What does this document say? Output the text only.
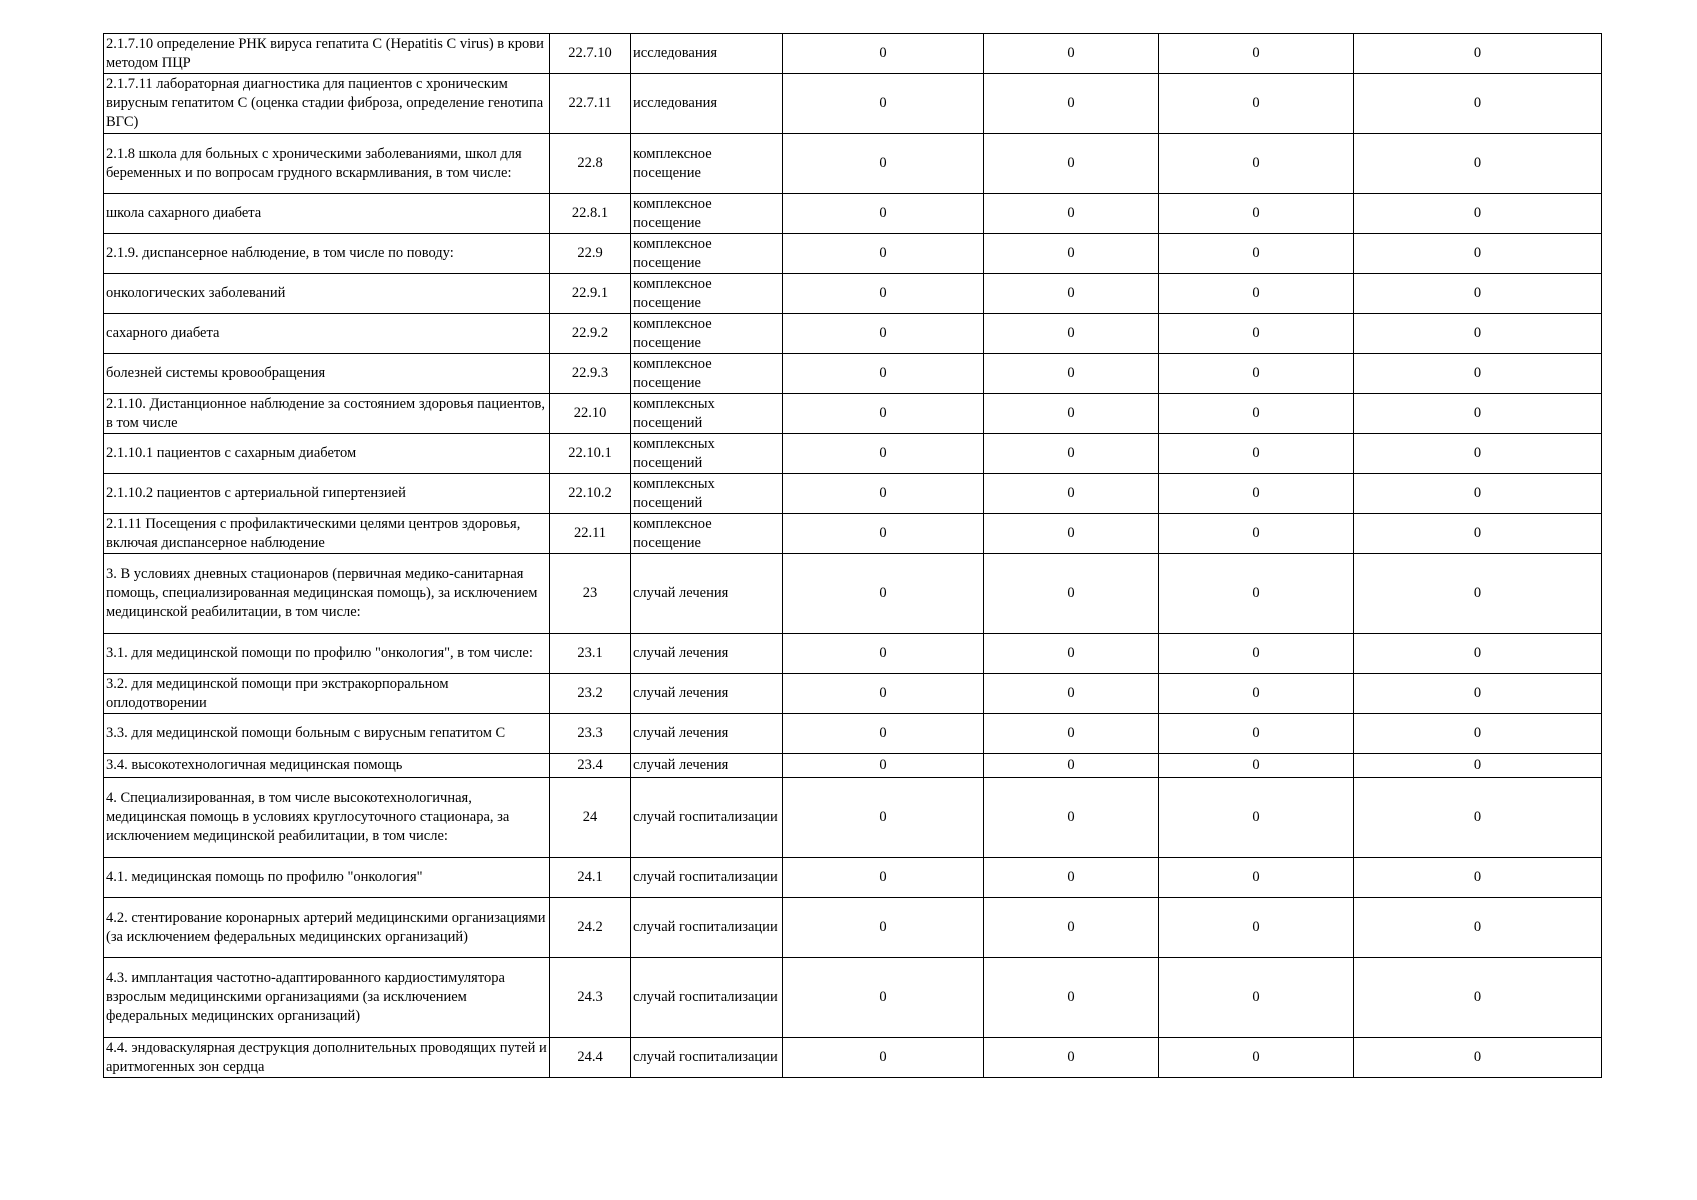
2.1.7.10 определение РНК вируса гепатита С (Hepatitis C virus) в крови методом ПЦР	22.7.10	исследования	0	0	0	0
2.1.7.11 лабораторная диагностика для пациентов с хроническим вирусным гепатитом С (оценка стадии фиброза, определение генотипа ВГС)	22.7.11	исследования	0	0	0	0
2.1.8 школа для больных с хроническими заболеваниями, школ для беременных и по вопросам грудного вскармливания, в том числе:	22.8	комплексное посещение	0	0	0	0
школа сахарного диабета	22.8.1	комплексное посещение	0	0	0	0
2.1.9. диспансерное наблюдение, в том числе по поводу:	22.9	комплексное посещение	0	0	0	0
онкологических заболеваний	22.9.1	комплексное посещение	0	0	0	0
сахарного диабета	22.9.2	комплексное посещение	0	0	0	0
болезней системы кровообращения	22.9.3	комплексное посещение	0	0	0	0
2.1.10. Дистанционное наблюдение за состоянием здоровья пациентов, в том числе	22.10	комплексных посещений	0	0	0	0
2.1.10.1 пациентов с сахарным диабетом	22.10.1	комплексных посещений	0	0	0	0
2.1.10.2 пациентов с артериальной гипертензией	22.10.2	комплексных посещений	0	0	0	0
2.1.11 Посещения с профилактическими целями центров здоровья, включая диспансерное наблюдение	22.11	комплексное посещение	0	0	0	0
3. В условиях дневных стационаров (первичная медико-санитарная помощь, специализированная медицинская помощь), за исключением медицинской реабилитации, в том числе:	23	случай лечения	0	0	0	0
3.1. для медицинской помощи по профилю "онкология", в том числе:	23.1	случай лечения	0	0	0	0
3.2. для медицинской помощи при экстракорпоральном оплодотворении	23.2	случай лечения	0	0	0	0
3.3. для медицинской помощи больным с вирусным гепатитом С	23.3	случай лечения	0	0	0	0
3.4. высокотехнологичная медицинская помощь	23.4	случай лечения	0	0	0	0
4. Специализированная, в том числе высокотехнологичная, медицинская помощь в условиях круглосуточного стационара, за исключением медицинской реабилитации, в том числе:	24	случай госпитализации	0	0	0	0
4.1. медицинская помощь по профилю "онкология"	24.1	случай госпитализации	0	0	0	0
4.2. стентирование коронарных артерий медицинскими организациями (за исключением федеральных медицинских организаций)	24.2	случай госпитализации	0	0	0	0
4.3. имплантация частотно-адаптированного кардиостимулятора взрослым медицинскими организациями (за исключением федеральных медицинских организаций)	24.3	случай госпитализации	0	0	0	0
4.4. эндоваскулярная деструкция дополнительных проводящих путей и аритмогенных зон сердца	24.4	случай госпитализации	0	0	0	0
